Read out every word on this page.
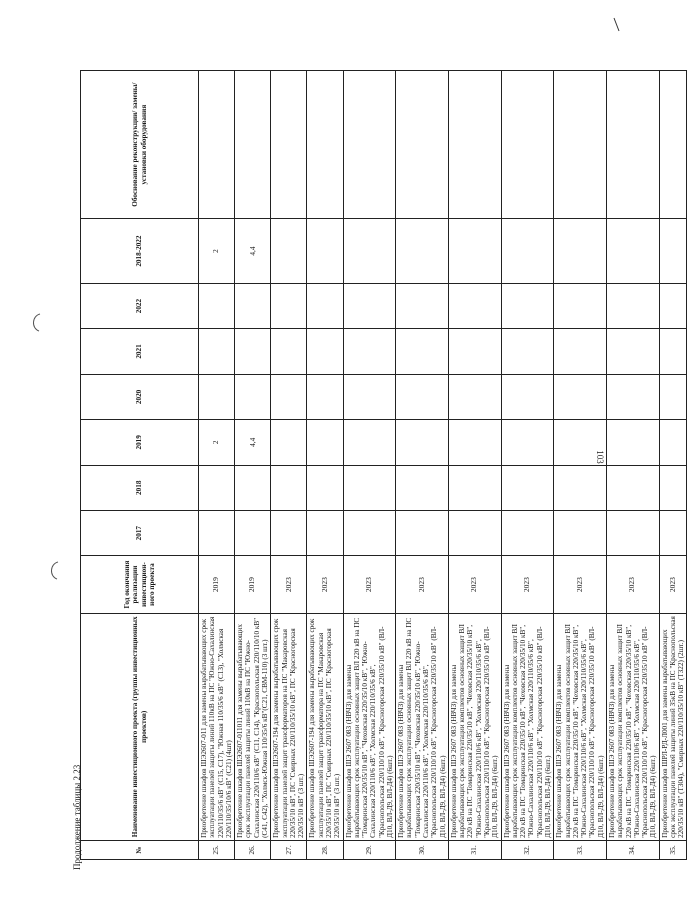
103
Продолжение таблицы 2.23	№	Наименование инвестиционного проекта (группы инвестиционных проектов)	Год окончания реализации инвестицион-ного проекта	2017	2018	2019	2020	2021	2022	2018-2022	Обоснование реконструкции/ замены/ установки оборудования
25.	Приобретение шкафов ШЭ2607-011 для замены вырабатывающих срок эксплуатации панелей защиты линий 110кВ на ПС "Южно-Сахалинская 220/110/35/6 кВ" (С15, С17), "Южная 110/35/6 кВ" (С13), "Холмская 220/110/35/10/6 кВ" (С21) (4шт)	2019			2				2	
26.	Приобретение шкафов ШЭ2607-011011 для замены вырабатывающих срок эксплуатации панелей защиты линий 110кВ на ПС "Южно-Сахалинская 220/110/6 кВ" (С11, С14), "Краснопольская 220/110/10 кВ" (С41, С42), "Холмск-Южная 110/35/6 кВ"(С21, СВМ-110) (3 шт.)	2019			4,4				4,4	
27.	Приобретение шкафов ШЭ2607-194 для замены вырабатывающих срок эксплуатации панелей защит трансформаторов на ПС "Макаровская 220/35/10 кВ", ПС "Смирных 220/110/35/10 кВ", ПС "Красногорская 220/35/10 кВ" (3 шт.)	2023								
28.	Приобретение шкафов ШЭ2607-194 для замены вырабатывающих срок эксплуатации панелей защит трансформатора на ПС "Макаровская 220/35/10 кВ", ПС "Смирных 220/110/35/10 кВ", ПС "Красногорская 220/35/10 кВ" (3 шт.)	2023								
29.	Приобретение шкафов ШЭ 2607 083 (НВЧЗ) для замены вырабатывающих срок эксплуатации основных защит ВЛ 220 кВ на ПС "Томаринская 220/35/10 кВ", "Чеховская 220/35/10 кВ", "Южно-Сахалинская 220/110/6 кВ", "Холмская 220/110/35/6 кВ", "Краснопольская 220/110/10 кВ", "Красногорская 220/35/10 кВ" (ВЛ-Д10, ВЛ-Д9, ВЛ-Д4) (6шт.)	2023								
30.	Приобретение шкафов ШЭ 2607 083 (НВЧЗ) для замены вырабатывающих срок эксплуатации основных защит ВЛ 220 кВ на ПС "Томаринская 220/35/10 кВ", "Чеховская 220/35/10 кВ", "Южно-Сахалинская 220/110/6 кВ", "Холмская 220/110/35/6 кВ", "Краснопольская 220/110/10 кВ", "Красногорская 220/35/10 кВ" (ВЛ-Д10, ВЛ-Д9, ВЛ-Д4) (6шт.)	2023								
31.	Приобретение шкафов ШЭ 2607 083 (НВЧЗ) для замены вырабатывающих срок эксплуатации комплектов основных защит ВЛ 220 кВ на ПС "Томаринская 220/35/10 кВ", "Чеховская 220/35/10 кВ", "Южно-Сахалинская 220/110/6 кВ", "Холмская 220/110/35/6 кВ", "Краснопольская 220/110/10 кВ", "Красногорская 220/35/10 кВ" (ВЛ-Д10, ВЛ-Д9, ВЛ-Д4) (6шт.)	2023								
32.	Приобретение шкафов ШЭ 2607 083 (НВЧЗ) для замены вырабатывающих срок эксплуатации комплектов основных защит ВЛ 220 кВ на ПС "Томаринская 220/35/10 кВ", "Чеховская 220/35/10 кВ", "Южно-Сахалинская 220/110/6 кВ", "Холмская 220/110/35/6 кВ", "Краснопольская 220/110/10 кВ", "Красногорская 220/35/10 кВ" (ВЛ-Д10, ВЛ-Д9, ВЛ-Д4) (6шт.)	2023								
33.	Приобретение шкафов ШЭ 2607 083 (НВЧЗ) для замены вырабатывающих срок эксплуатации комплектов основных защит ВЛ 220 кВ на ПС "Томаринская 220/35/10 кВ", "Чеховская 220/35/10 кВ", "Южно-Сахалинская 220/110/6 кВ", "Холмская 220/110/35/6 кВ", "Краснопольская 220/110/10 кВ", "Красногорская 220/35/10 кВ" (ВЛ-Д10, ВЛ-Д9, ВЛ-Д4) (6шт.)	2023								
34.	Приобретение шкафов ШЭ 2607 083 (НВЧЗ) для замены вырабатывающих срок эксплуатации комплектов основных защит ВЛ 220 кВ на ПС "Томаринская 220/35/10 кВ", "Чеховская 220/35/10 кВ", "Южно-Сахалинская 220/110/6 кВ", "Холмская 220/110/35/6 кВ", "Краснопольская 220/110/10 кВ", "Красногорская 220/35/10 кВ" (ВЛ-Д10, ВЛ-Д9, ВЛ-Д4) (6шт.)	2023								
35.	Приобретение шкафов ШРЛ-РД-Л001 для замены вырабатывающих срок эксплуатации панелей защиты линий 35кВ на ПС "Краснопольская 220/35/10 кВ" (Т304), "Смирных 220/110/35/10 кВ" (Т322) (2шт.)	2023								
